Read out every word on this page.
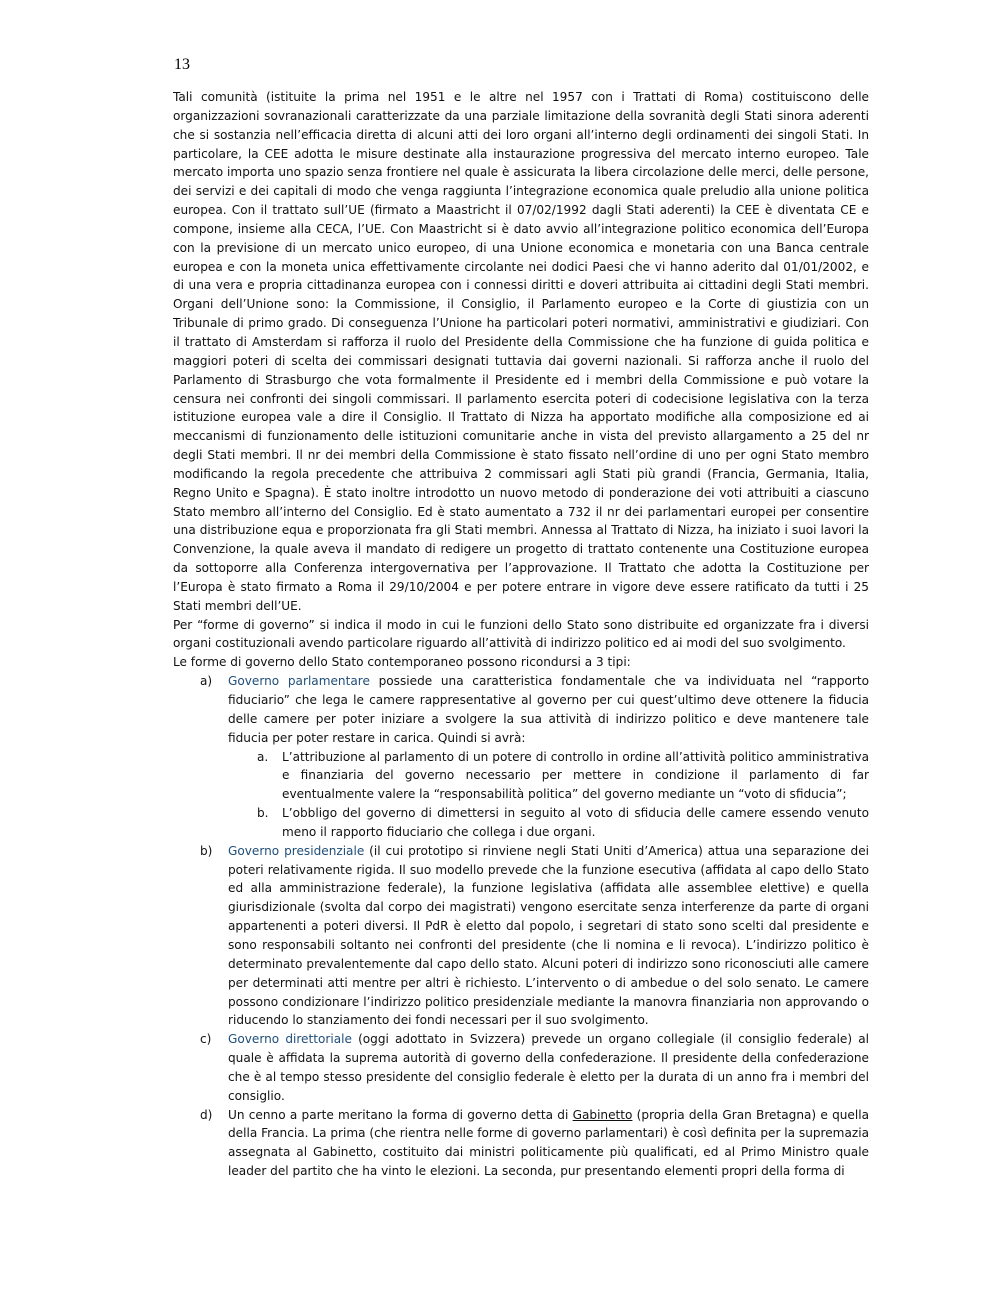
13

Tali comunità (istituite la prima nel 1951 e le altre nel 1957 con i Trattati di Roma) costituiscono delle organizzazioni sovranazionali caratterizzate da una parziale limitazione della sovranità degli Stati sinora aderenti che si sostanzia nell’efficacia diretta di alcuni atti dei loro organi all’interno degli ordinamenti dei singoli Stati. In particolare, la CEE adotta le misure destinate alla instaurazione progressiva del mercato interno europeo. Tale mercato importa uno spazio senza frontiere nel quale è assicurata la libera circolazione delle merci, delle persone, dei servizi e dei capitali di modo che venga raggiunta l’integrazione economica quale preludio alla unione politica europea. Con il trattato sull’UE (firmato a Maastricht il 07/02/1992 dagli Stati aderenti) la CEE è diventata CE e compone, insieme alla CECA, l’UE. Con Maastricht si è dato avvio all’integrazione politico economica dell’Europa con la previsione di un mercato unico europeo, di una Unione economica e monetaria con una Banca centrale europea e con la moneta unica effettivamente circolante nei dodici Paesi che vi hanno aderito dal 01/01/2002, e di una vera e propria cittadinanza europea con i connessi diritti e doveri attribuita ai cittadini degli Stati membri. Organi dell’Unione sono: la Commissione, il Consiglio, il Parlamento europeo e la Corte di giustizia con un Tribunale di primo grado. Di conseguenza l’Unione ha particolari poteri normativi, amministrativi e giudiziari. Con il trattato di Amsterdam si rafforza il ruolo del Presidente della Commissione che ha funzione di guida politica e maggiori poteri di scelta dei commissari designati tuttavia dai governi nazionali. Si rafforza anche il ruolo del Parlamento di Strasburgo che vota formalmente il Presidente ed i membri della Commissione e può votare la censura nei confronti dei singoli commissari. Il parlamento esercita poteri di codecisione legislativa con la terza istituzione europea vale a dire il Consiglio. Il Trattato di Nizza ha apportato modifiche alla composizione ed ai meccanismi di funzionamento delle istituzioni comunitarie anche in vista del previsto allargamento a 25 del nr degli Stati membri. Il nr dei membri della Commissione è stato fissato nell’ordine di uno per ogni Stato membro modificando la regola precedente che attribuiva 2 commissari agli Stati più grandi (Francia, Germania, Italia, Regno Unito e Spagna). È stato inoltre introdotto un nuovo metodo di ponderazione dei voti attribuiti a ciascuno Stato membro all’interno del Consiglio. Ed è stato aumentato a 732 il nr dei parlamentari europei per consentire una distribuzione equa e proporzionata fra gli Stati membri. Annessa al Trattato di Nizza, ha iniziato i suoi lavori la Convenzione, la quale aveva il mandato di redigere un progetto di trattato contenente una Costituzione europea da sottoporre alla Conferenza intergovernativa per l’approvazione. Il Trattato che adotta la Costituzione per l’Europa è stato firmato a Roma il 29/10/2004 e per potere entrare in vigore deve essere ratificato da tutti i 25 Stati membri dell’UE.

Per “forme di governo” si indica il modo in cui le funzioni dello Stato sono distribuite ed organizzate fra i diversi organi costituzionali avendo particolare riguardo all’attività di indirizzo politico ed ai modi del suo svolgimento.

Le forme di governo dello Stato contemporaneo possono ricondursi a 3 tipi:

a) Governo parlamentare possiede una caratteristica fondamentale che va individuata nel “rapporto fiduciario” che lega le camere rappresentative al governo per cui quest’ultimo deve ottenere la fiducia delle camere per poter iniziare a svolgere la sua attività di indirizzo politico e deve mantenere tale fiducia per poter restare in carica. Quindi si avrà:
a. L’attribuzione al parlamento di un potere di controllo in ordine all’attività politico amministrativa e finanziaria del governo necessario per mettere in condizione il parlamento di far eventualmente valere la “responsabilità politica” del governo mediante un “voto di sfiducia”;
b. L’obbligo del governo di dimettersi in seguito al voto di sfiducia delle camere essendo venuto meno il rapporto fiduciario che collega i due organi.
b) Governo presidenziale (il cui prototipo si rinviene negli Stati Uniti d’America) attua una separazione dei poteri relativamente rigida. Il suo modello prevede che la funzione esecutiva (affidata al capo dello Stato ed alla amministrazione federale), la funzione legislativa (affidata alle assemblee elettive) e quella giurisdizionale (svolta dal corpo dei magistrati) vengono esercitate senza interferenze da parte di organi appartenenti a poteri diversi. Il PdR è eletto dal popolo, i segretari di stato sono scelti dal presidente e sono responsabili soltanto nei confronti del presidente (che li nomina e li revoca). L’indirizzo politico è determinato prevalentemente dal capo dello stato. Alcuni poteri di indirizzo sono riconosciuti alle camere per determinati atti mentre per altri è richiesto. L’intervento o di ambedue o del solo senato. Le camere possono condizionare l’indirizzo politico presidenziale mediante la manovra finanziaria non approvando o riducendo lo stanziamento dei fondi necessari per il suo svolgimento.
c) Governo direttoriale (oggi adottato in Svizzera) prevede un organo collegiale (il consiglio federale) al quale è affidata la suprema autorità di governo della confederazione. Il presidente della confederazione che è al tempo stesso presidente del consiglio federale è eletto per la durata di un anno fra i membri del consiglio.
d) Un cenno a parte meritano la forma di governo detta di Gabinetto (propria della Gran Bretagna) e quella della Francia. La prima (che rientra nelle forme di governo parlamentari) è così definita per la supremazia assegnata al Gabinetto, costituito dai ministri politicamente più qualificati, ed al Primo Ministro quale leader del partito che ha vinto le elezioni. La seconda, pur presentando elementi propri della forma di
